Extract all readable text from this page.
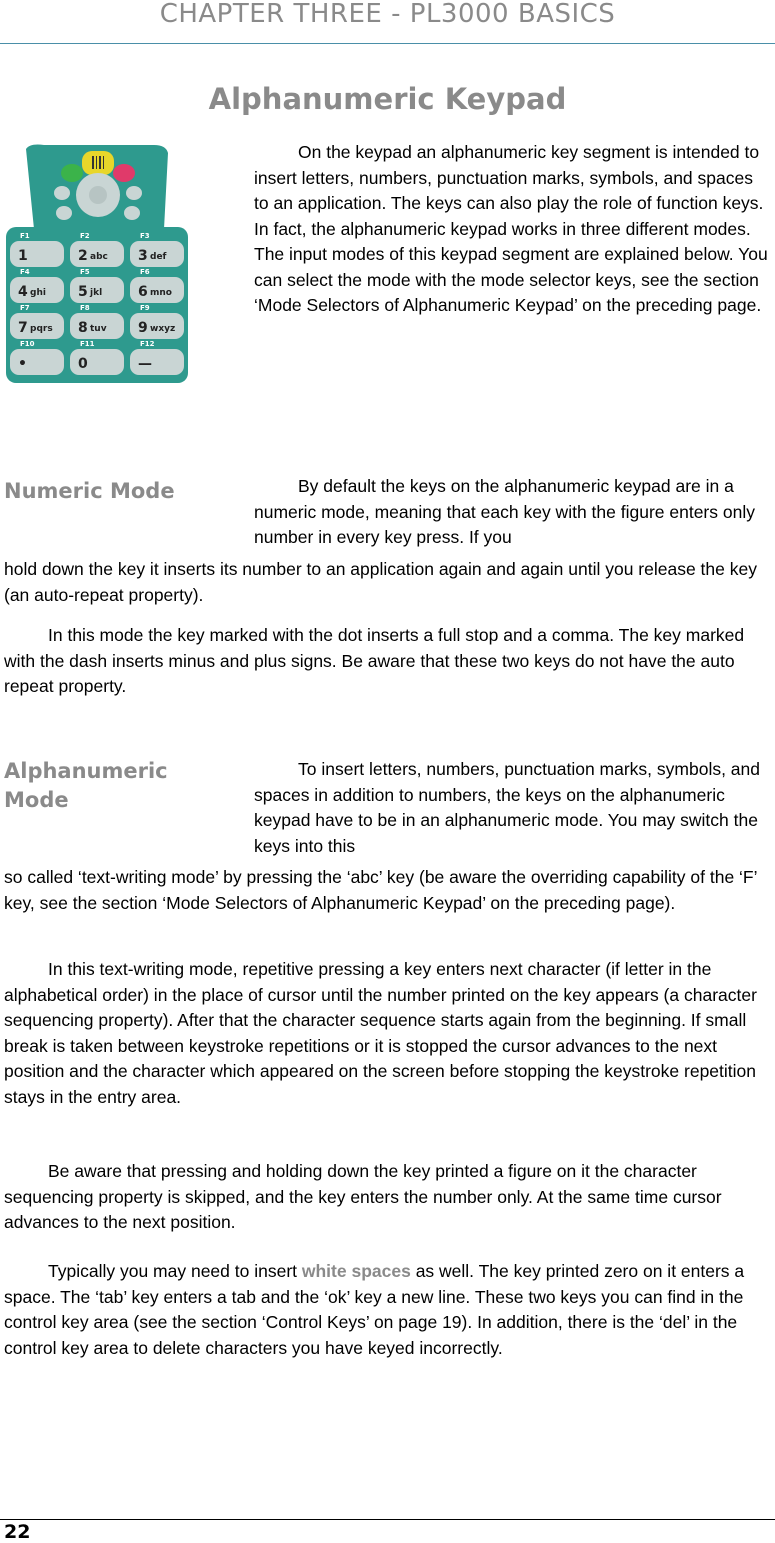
CHAPTER THREE - PL3000 BASICS
Alphanumeric Keypad
F1	F2	F3
F4	F5	F6
F7	F8	F9
F10	F11	F12
1	2 abc 3 def
4 ghi 5 jkl	6 mno
7 pqrs 8 tuv 9 wxyz
•	0	—

On the keypad an alphanumeric key segment is intended to insert letters, numbers, punctuation marks, symbols, and spaces to an application. The keys can also play the role of function keys. In fact, the alphanumeric keypad works in three different modes. The input modes of this keypad segment are explained below. You can select the mode with the mode selector keys, see the section ‘Mode Selectors of Alphanumeric Keypad’ on the preceding page.

Numeric Mode	By default the keys on the alphanumeric keypad are in a numeric mode, meaning that each key with the figure enters only number in every key press. If you

hold down the key it inserts its number to an application again and again until you release the key (an auto-repeat property).

In this mode the key marked with the dot inserts a full stop and a comma. The key marked with the dash inserts minus and plus signs. Be aware that these two keys do not have the auto repeat property.

Alphanumeric
Mode

To insert letters, numbers, punctuation marks, symbols, and spaces in addition to numbers, the keys on the alphanumeric keypad have to be in an alphanumeric mode. You may switch the keys into this

so called ‘text-writing mode’ by pressing the ‘abc’ key (be aware the overriding capability of the ‘F’ key, see the section ‘Mode Selectors of Alphanumeric Keypad’ on the preceding page).

In this text-writing mode, repetitive pressing a key enters next character (if letter in the alphabetical order) in the place of cursor until the number printed on the key appears (a character sequencing property). After that the character sequence starts again from the beginning. If small break is taken between keystroke repetitions or it is stopped the cursor advances to the next position and the character which appeared on the screen before stopping the keystroke repetition stays in the entry area.

Be aware that pressing and holding down the key printed a figure on it the character sequencing property is skipped, and the key enters the number only. At the same time cursor advances to the next position.

Typically you may need to insert white spaces as well. The key printed zero on it enters a space. The ‘tab’ key enters a tab and the ‘ok’ key a new line. These two keys you can find in the control key area (see the section ‘Control Keys’ on page 19). In addition, there is the ‘del’ in the control key area to delete characters you have keyed incorrectly.

22
